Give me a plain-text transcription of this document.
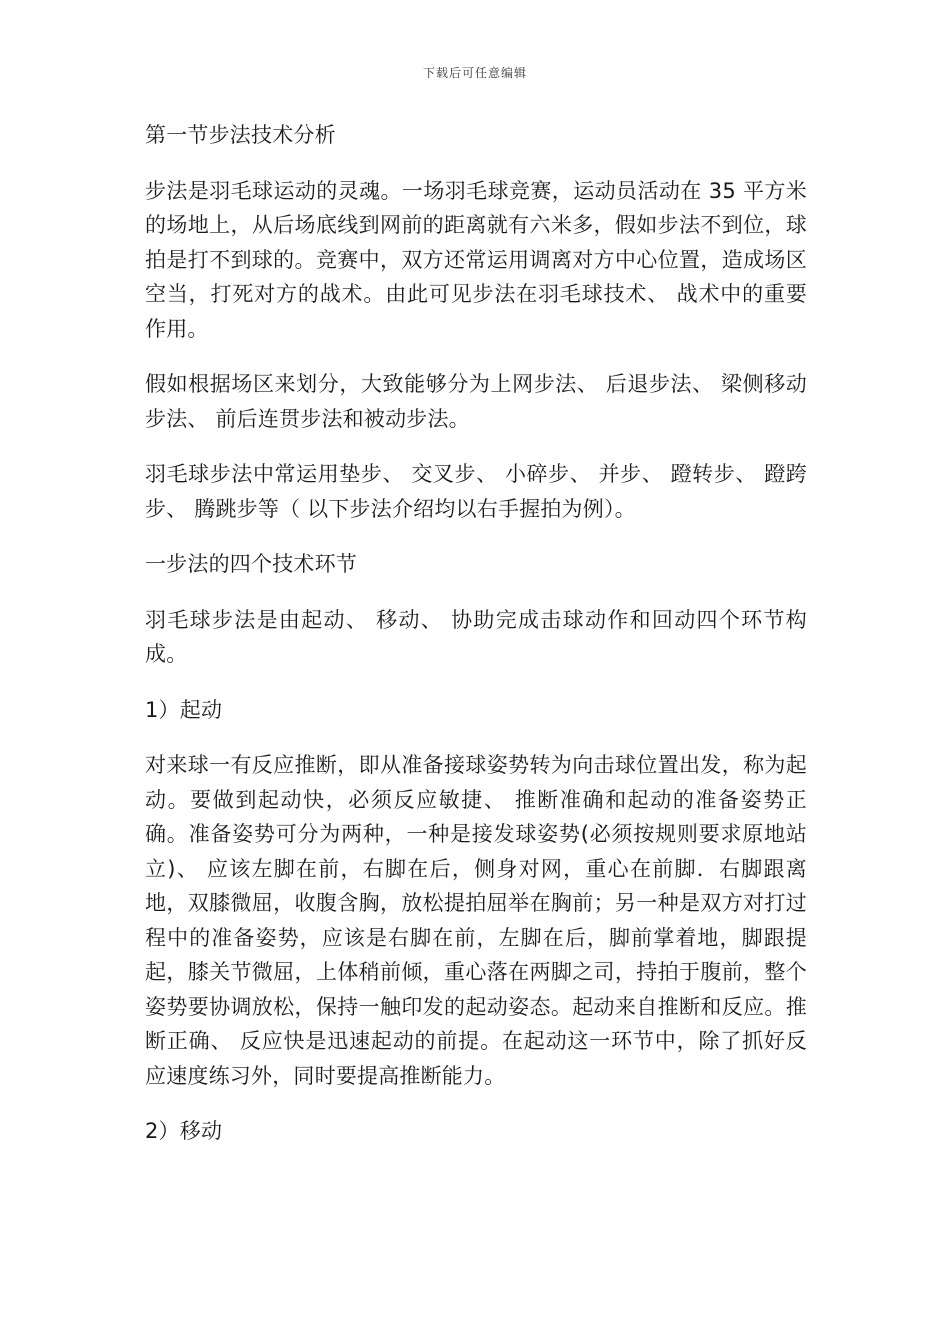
下载后可任意编辑

第一节步法技术分析

步法是羽毛球运动的灵魂。一场羽毛球竞赛，运动员活动在 35 平方米的场地上，从后场底线到网前的距离就有六米多，假如步法不到位，球拍是打不到球的。竞赛中，双方还常运用调离对方中心位置，造成场区空当，打死对方的战术。由此可见步法在羽毛球技术、 战术中的重要作用。

假如根据场区来划分，大致能够分为上网步法、 后退步法、 梁侧移动步法、 前后连贯步法和被动步法。

羽毛球步法中常运用垫步、 交叉步、 小碎步、 并步、 蹬转步、 蹬跨步、 腾跳步等（ 以下步法介绍均以右手握拍为例）。

一步法的四个技术环节

羽毛球步法是由起动、 移动、 协助完成击球动作和回动四个环节构成。

1）起动

对来球一有反应推断，即从准备接球姿势转为向击球位置出发，称为起动。要做到起动快，必须反应敏捷、 推断准确和起动的准备姿势正确。准备姿势可分为两种，一种是接发球姿势(必须按规则要求原地站立)、 应该左脚在前，右脚在后，侧身对网，重心在前脚．右脚跟离地，双膝微屈，收腹含胸，放松提拍屈举在胸前；另一种是双方对打过程中的准备姿势，应该是右脚在前，左脚在后，脚前掌着地，脚跟提起，膝关节微屈，上体稍前倾，重心落在两脚之司，持拍于腹前，整个姿势要协调放松，保持一触印发的起动姿态。起动来自推断和反应。推断正确、 反应快是迅速起动的前提。在起动这一环节中，除了抓好反应速度练习外，同时要提高推断能力。

2）移动
